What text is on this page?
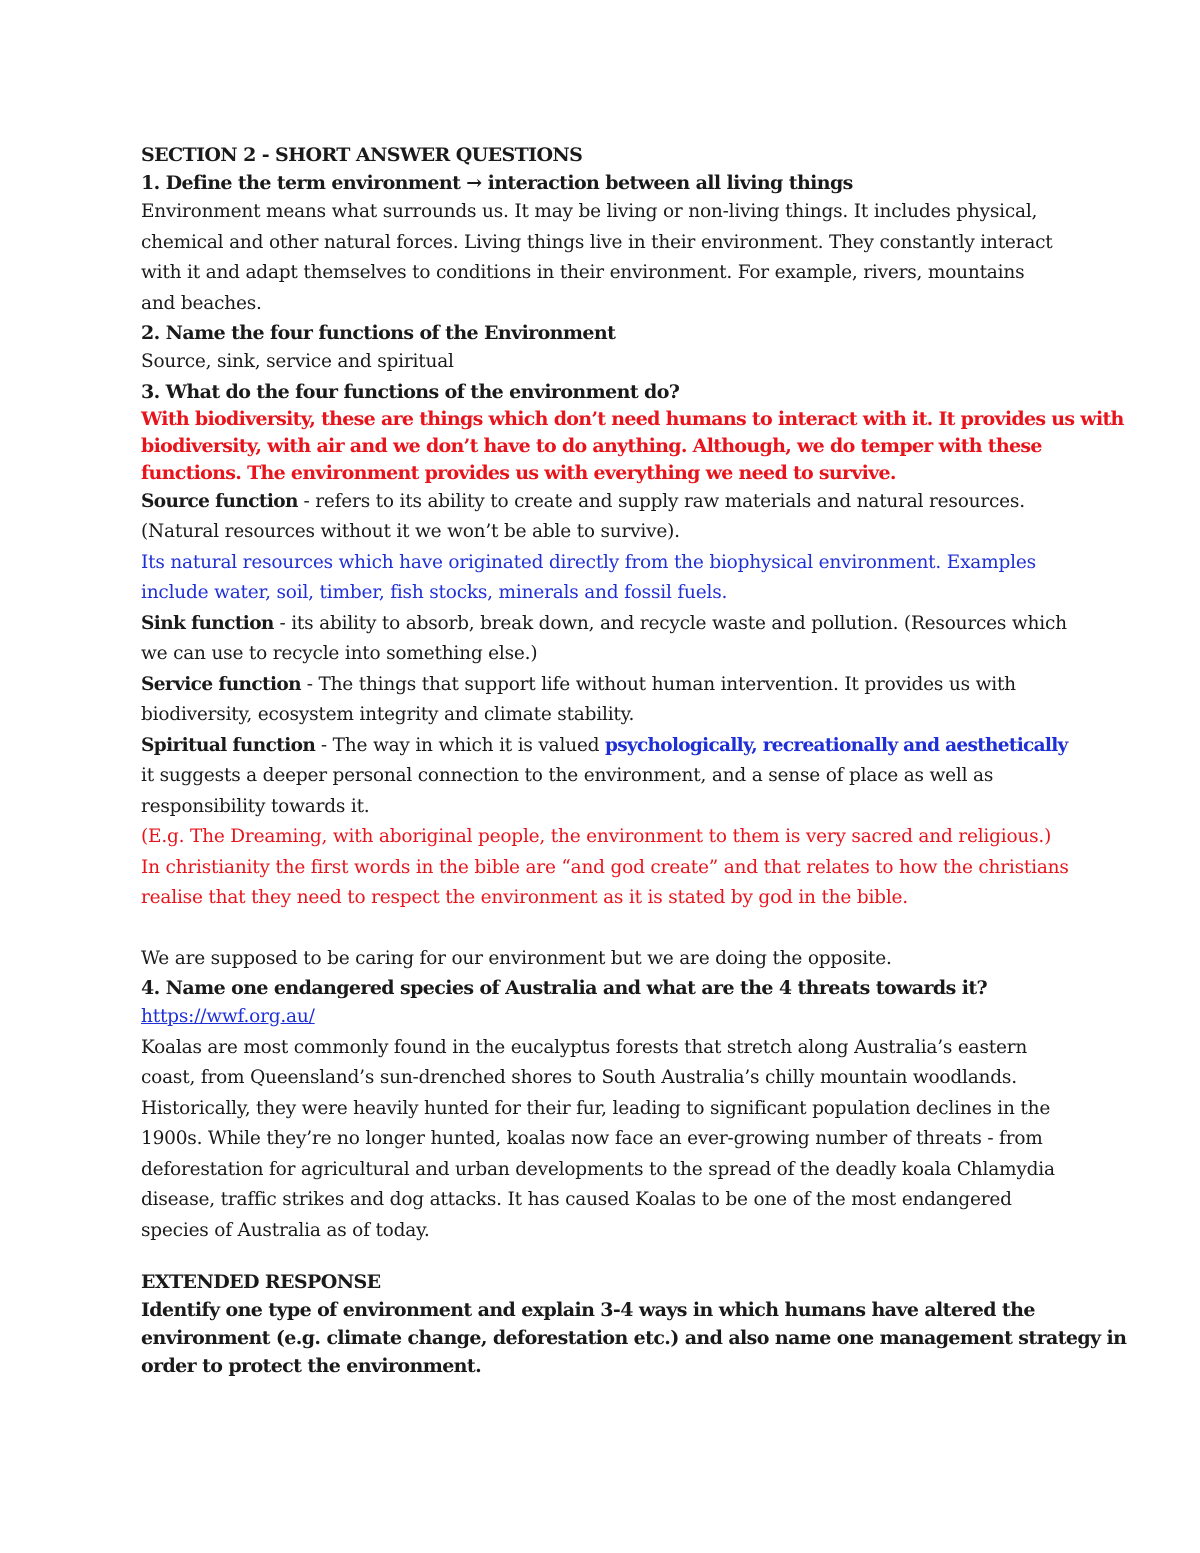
SECTION 2 - SHORT ANSWER QUESTIONS
1. Define the term environment → interaction between all living things
Environment means what surrounds us. It may be living or non-living things. It includes physical,
chemical and other natural forces. Living things live in their environment. They constantly interact
with it and adapt themselves to conditions in their environment. For example, rivers, mountains
and beaches.
2. Name the four functions of the Environment
Source, sink, service and spiritual
3. What do the four functions of the environment do?
With biodiversity, these are things which don’t need humans to interact with it. It provides us with
biodiversity, with air and we don’t have to do anything. Although, we do temper with these
functions. The environment provides us with everything we need to survive.
Source function - refers to its ability to create and supply raw materials and natural resources.
(Natural resources without it we won’t be able to survive).
Its natural resources which have originated directly from the biophysical environment. Examples
include water, soil, timber, fish stocks, minerals and fossil fuels.
Sink function - its ability to absorb, break down, and recycle waste and pollution. (Resources which
we can use to recycle into something else.)
Service function - The things that support life without human intervention. It provides us with
biodiversity, ecosystem integrity and climate stability.
Spiritual function - The way in which it is valued psychologically, recreationally and aesthetically
it suggests a deeper personal connection to the environment, and a sense of place as well as
responsibility towards it.
(E.g. The Dreaming, with aboriginal people, the environment to them is very sacred and religious.)
In christianity the first words in the bible are “and god create” and that relates to how the christians
realise that they need to respect the environment as it is stated by god in the bible.
We are supposed to be caring for our environment but we are doing the opposite.
4. Name one endangered species of Australia and what are the 4 threats towards it?
https://wwf.org.au/
Koalas are most commonly found in the eucalyptus forests that stretch along Australia’s eastern
coast, from Queensland’s sun-drenched shores to South Australia’s chilly mountain woodlands.
Historically, they were heavily hunted for their fur, leading to significant population declines in the
1900s. While they’re no longer hunted, koalas now face an ever-growing number of threats - from
deforestation for agricultural and urban developments to the spread of the deadly koala Chlamydia
disease, traffic strikes and dog attacks. It has caused Koalas to be one of the most endangered
species of Australia as of today.
EXTENDED RESPONSE
Identify one type of environment and explain 3-4 ways in which humans have altered the
environment (e.g. climate change, deforestation etc.) and also name one management strategy in
order to protect the environment.
